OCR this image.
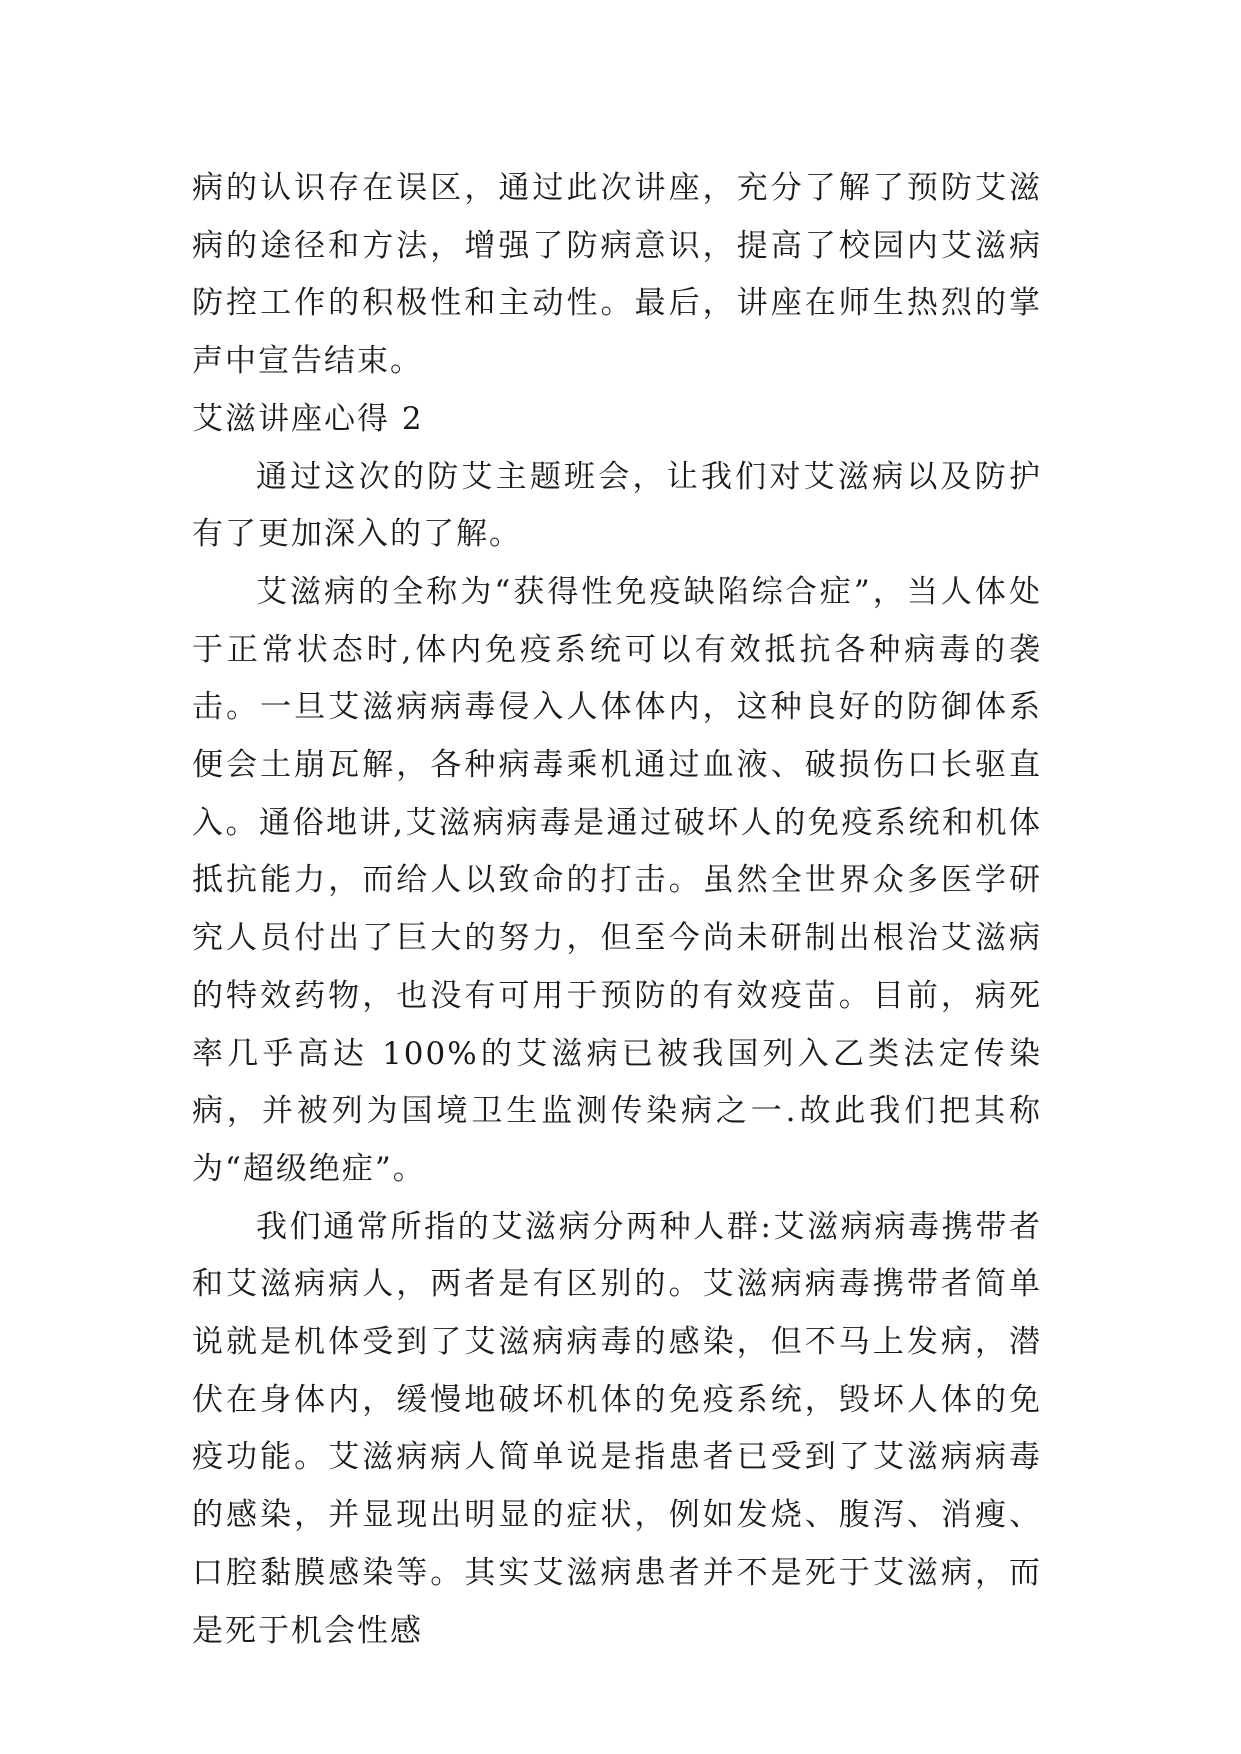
病的认识存在误区，通过此次讲座，充分了解了预防艾滋病的途径和方法，增强了防病意识，提高了校园内艾滋病防控工作的积极性和主动性。最后，讲座在师生热烈的掌声中宣告结束。

艾滋讲座心得 2

通过这次的防艾主题班会，让我们对艾滋病以及防护有了更加深入的了解。

艾滋病的全称为“获得性免疫缺陷综合症”，当人体处于正常状态时,体内免疫系统可以有效抵抗各种病毒的袭击。一旦艾滋病病毒侵入人体体内，这种良好的防御体系便会土崩瓦解，各种病毒乘机通过血液、破损伤口长驱直入。通俗地讲,艾滋病病毒是通过破坏人的免疫系统和机体抵抗能力，而给人以致命的打击。虽然全世界众多医学研究人员付出了巨大的努力，但至今尚未研制出根治艾滋病的特效药物，也没有可用于预防的有效疫苗。目前，病死率几乎高达 100%的艾滋病已被我国列入乙类法定传染病，并被列为国境卫生监测传染病之一.故此我们把其称为“超级绝症”。

我们通常所指的艾滋病分两种人群:艾滋病病毒携带者和艾滋病病人，两者是有区别的。艾滋病病毒携带者简单说就是机体受到了艾滋病病毒的感染，但不马上发病，潜伏在身体内，缓慢地破坏机体的免疫系统，毁坏人体的免疫功能。艾滋病病人简单说是指患者已受到了艾滋病病毒的感染，并显现出明显的症状，例如发烧、腹泻、消瘦、口腔黏膜感染等。其实艾滋病患者并不是死于艾滋病，而是死于机会性感
